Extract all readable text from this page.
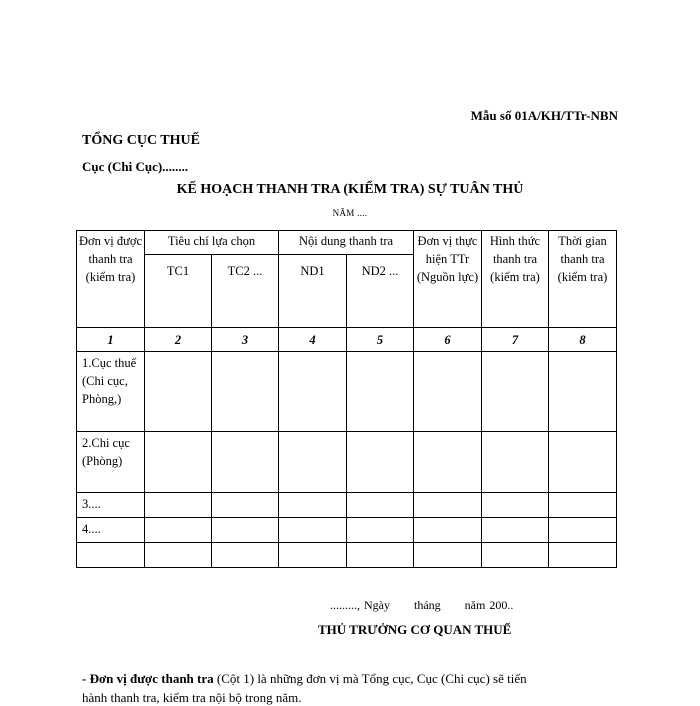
Mẫu số 01A/KH/TTr-NBN
TỔNG CỤC THUẾ
Cục (Chi Cục)........
KẾ HOẠCH THANH TRA (KIỂM TRA) SỰ TUÂN THỦ
NĂM ....
Đơn vị được thanh tra (kiểm tra)	Tiêu chí lựa chọn		Nội dung thanh tra		Đơn vị thực hiện TTr (Nguồn lực)	Hình thức thanh tra (kiểm tra)	Thời gian thanh tra (kiểm tra)

	TC1	TC2 ...	ND1	ND2 ...			
1	2	3	4	5	6	7	8
1.Cục thuế (Chi cục, Phòng,)							
2.Chi cục (Phòng)							
3....							
4....							

........., Ngày      tháng      năm 200..
THỦ TRƯỞNG CƠ QUAN THUẾ
- Đơn vị được thanh tra (Cột 1) là những đơn vị mà Tổng cục, Cục (Chi cục) sẽ tiến
hành thanh tra, kiểm tra nội bộ trong năm.
